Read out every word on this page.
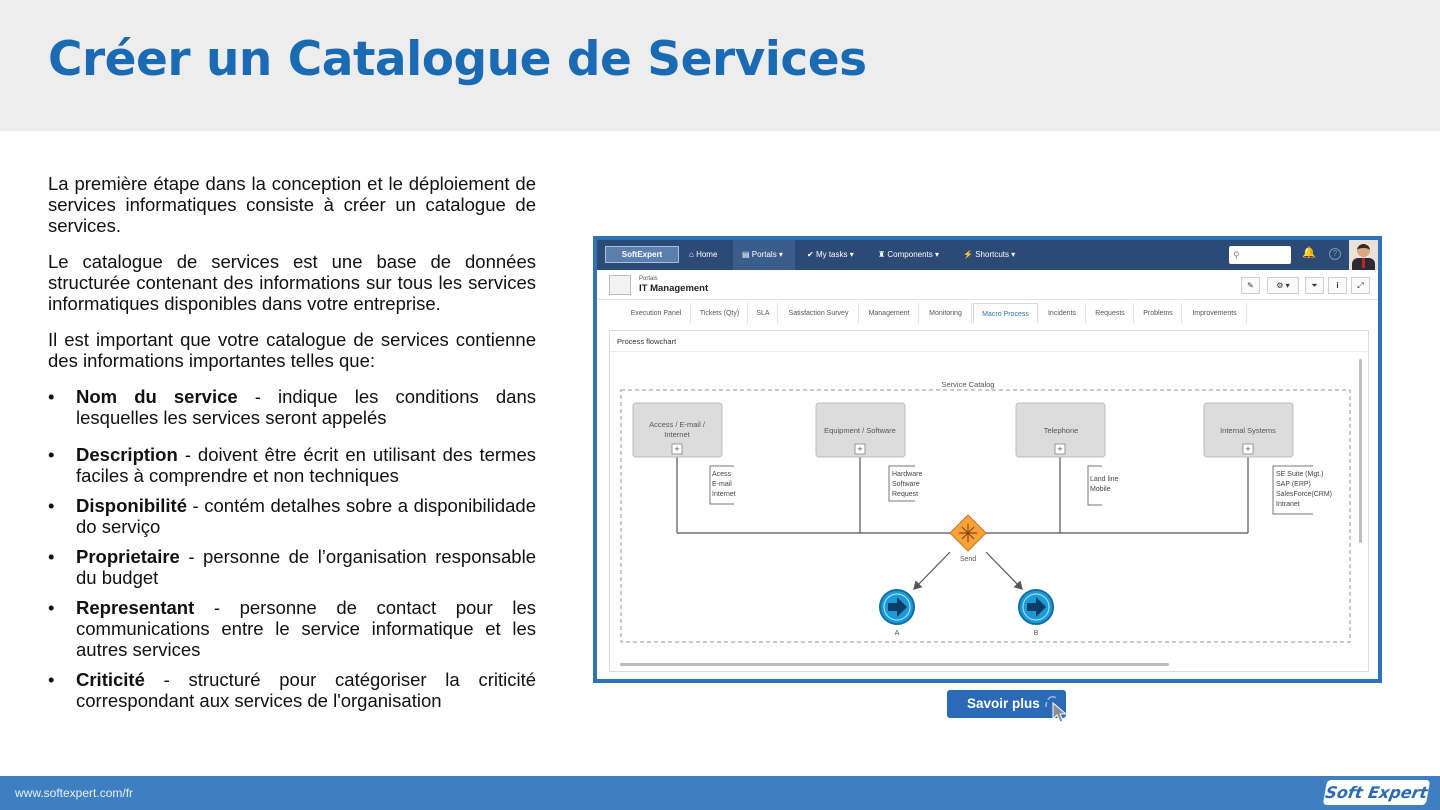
Créer un Catalogue de Services

La première étape dans la conception et le déploiement de services informatiques consiste à créer un catalogue de services.

Le catalogue de services est une base de données structurée contenant des informations sur tous les services informatiques disponibles dans votre entreprise.

Il est important que votre catalogue de services contienne des informations importantes telles que:

• Nom du service - indique les conditions dans lesquelles les services seront appelés
• Description - doivent être écrit en utilisant des termes faciles à comprendre et non techniques
• Disponibilité - contém detalhes sobre a disponibilidade do serviço
• Proprietaire - personne de l’organisation responsable du budget
• Representant - personne de contact pour les communications entre le service informatique et les autres services
• Criticité - structuré pour catégoriser la criticité correspondant aux services de l'organisation
SoftExpert	⌂ Home	▤ Portals ▾	✔ My tasks ▾	♜ Components ▾	⚡ Shortcuts ▾	⚲	🔔	?
Portals
IT Management	✎	⚙ ▾	⏷	i	⤢
Execution Panel	Tickets (Qty)	SLA	Satisfaction Survey	Management	Monitoring	Macro Process	Incidents	Requests	Problems	Improvements
Process flowchart
Service Catalog
Access / E-mail /
Internet
+
Equipment / Software
+
Telephone
+
Internal Systems
+
Acess
E-mail
Internet
Hardware
Software
Request
Land line
Mobile
SE Suite (Mgt.)
SAP (ERP)
SalesForce(CRM)
Intranet
Send
A	B
Savoir plus
www.softexpert.com/fr	Soft Expert
